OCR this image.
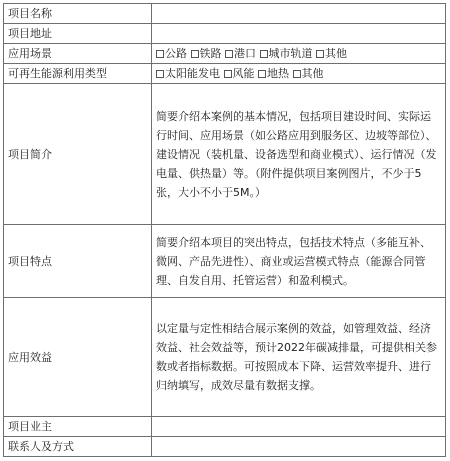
项目名称	
项目地址	
应用场景	公路 铁路 港口 城市轨道 其他
可再生能源利用类型	太阳能发电 风能 地热 其他
项目简介	简要介绍本案例的基本情况，包括项目建设时间、实际运行时间、应用场景（如公路应用到服务区、边坡等部位）、建设情况（装机量、设备选型和商业模式）、运行情况（发电量、供热量）等。（附件提供项目案例图片，不少于5张，大小不小于5M。）

项目特点	简要介绍本项目的突出特点，包括技术特点（多能互补、微网、产品先进性）、商业或运营模式特点（能源合同管理、自发自用、托管运营）和盈利模式。

应用效益	以定量与定性相结合展示案例的效益，如管理效益、经济效益、社会效益等，预计2022年碳减排量，可提供相关参数或者指标数据。可按照成本下降、运营效率提升、进行归纳填写，成效尽量有数据支撑。

项目业主	
联系人及方式	
